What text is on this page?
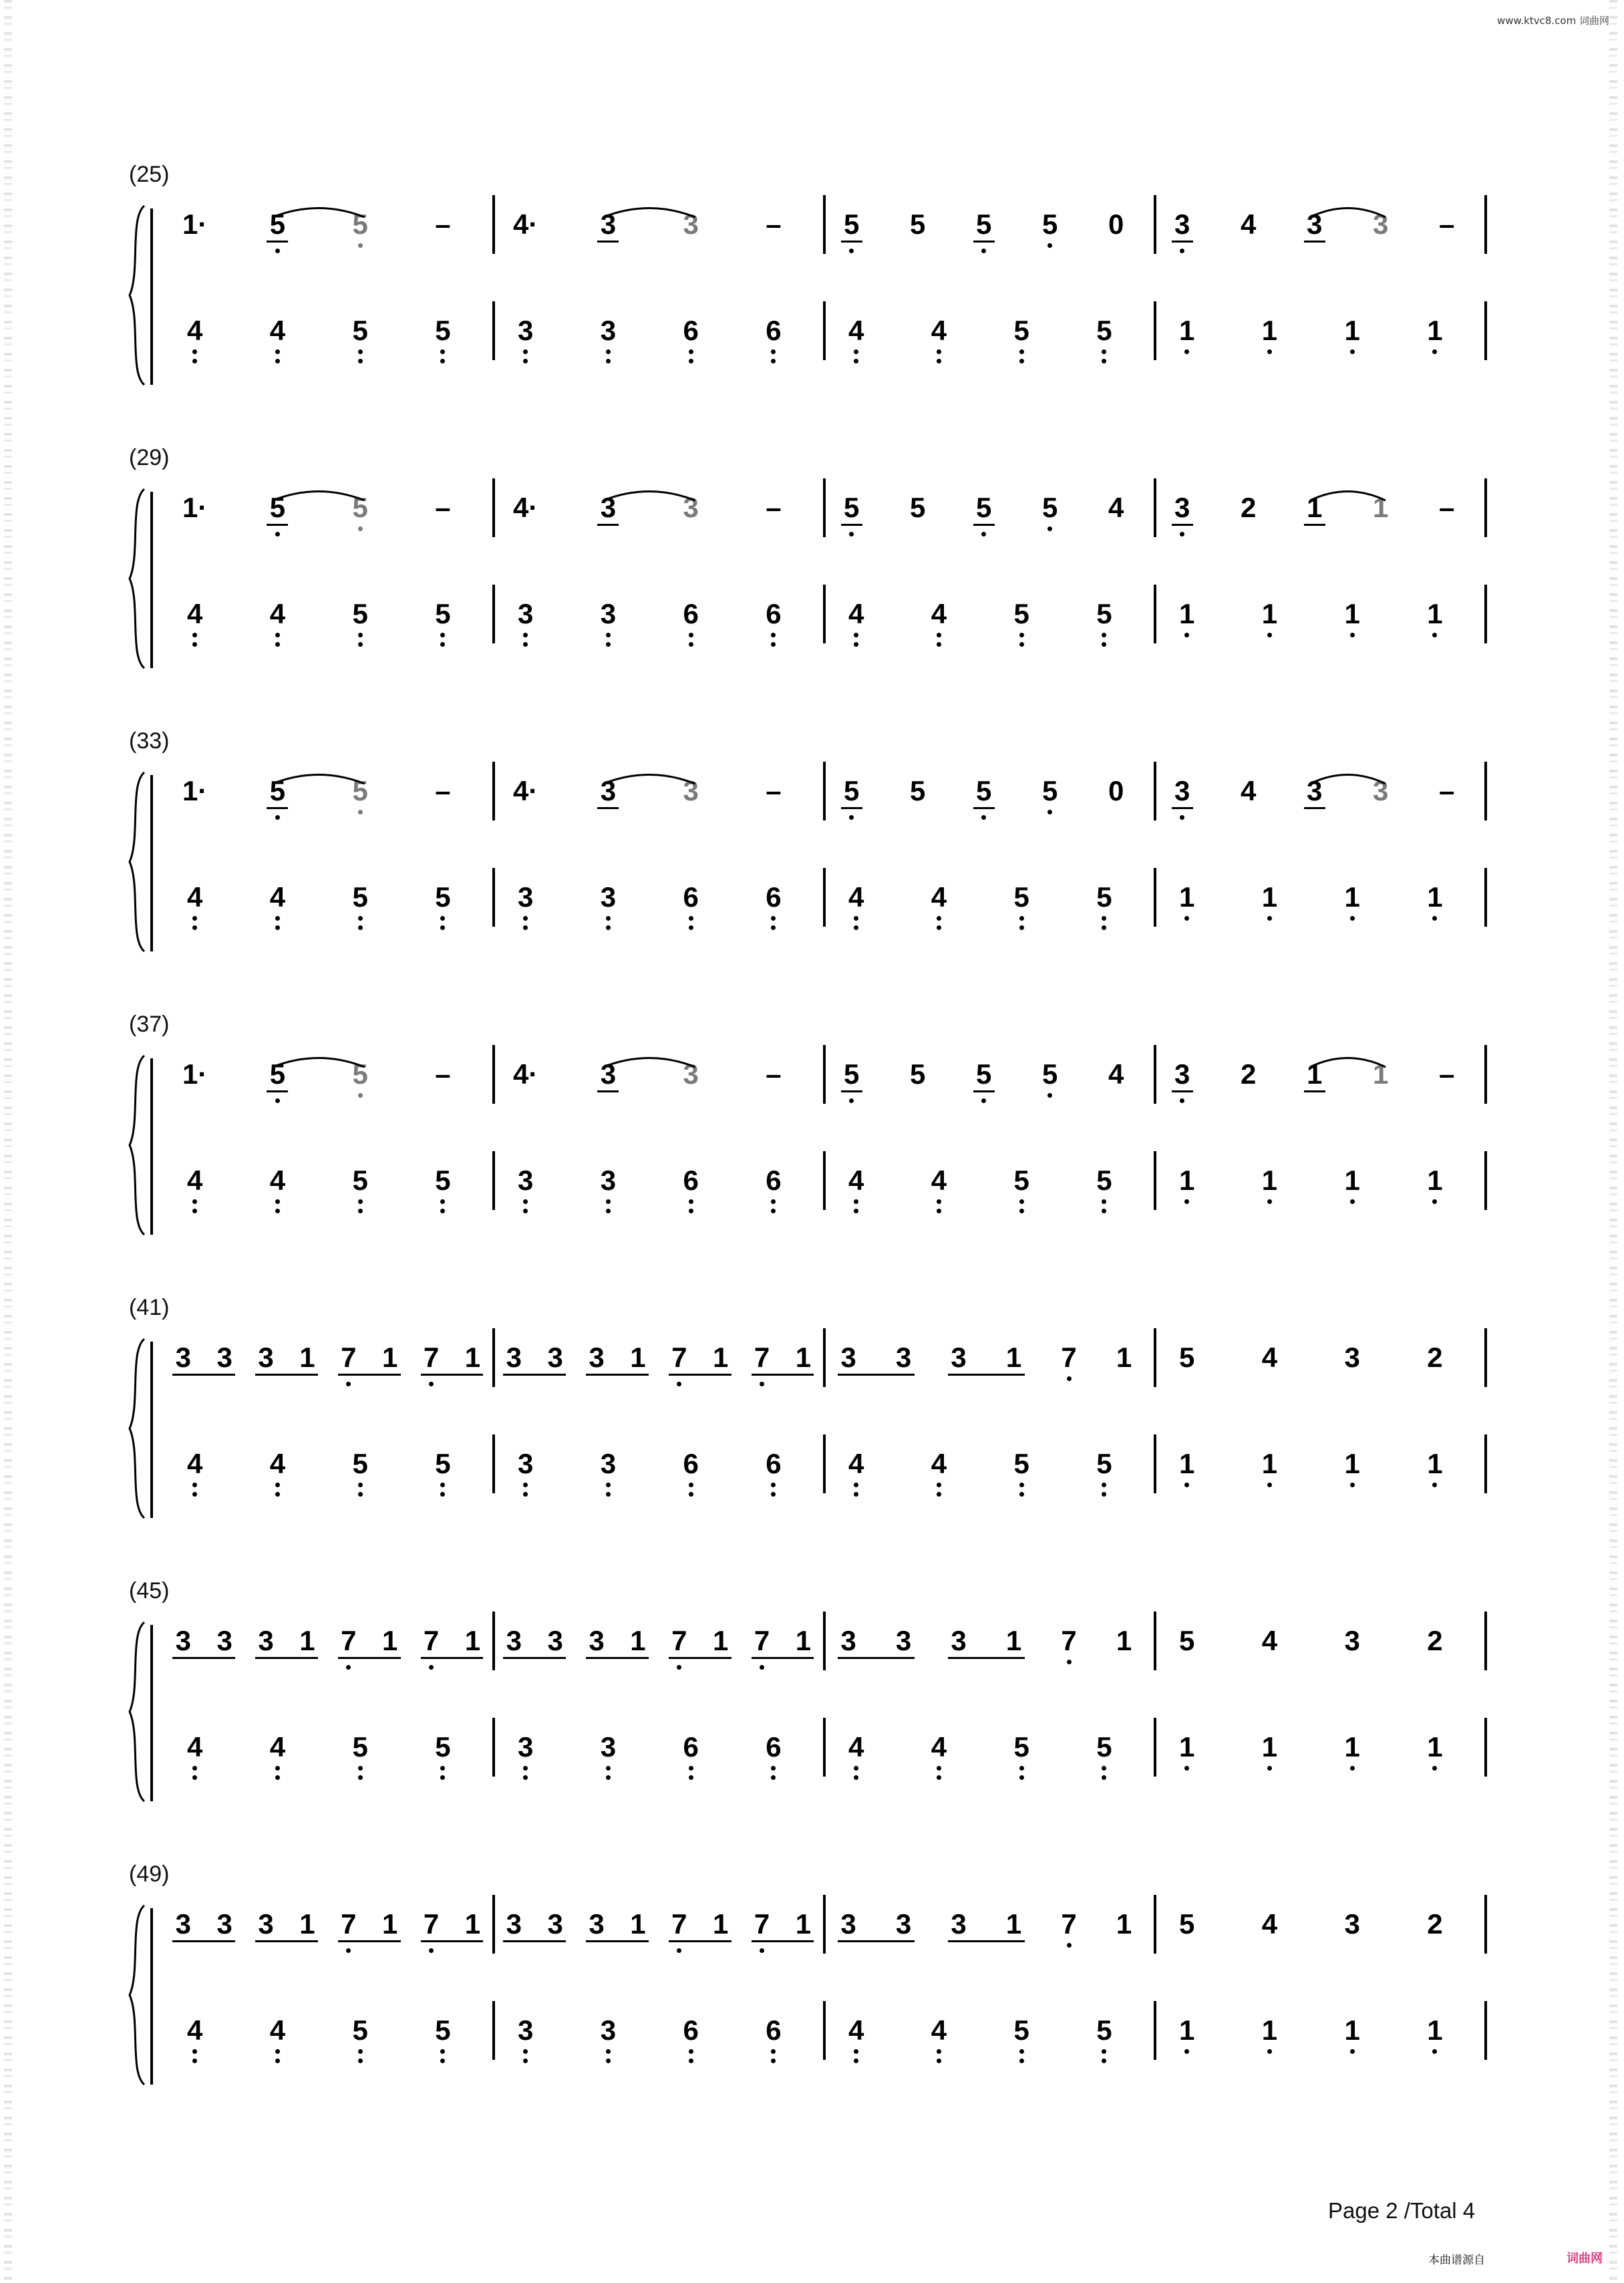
www.ktvc8.com 词曲网
(25)
1· 5 5 – 4· 3 3 – 5 5 5 5 0 3 4 3 3 –
4 4 5 5 3 3 6 6 4 4 5 5 1 1 1 1
(29)
1· 5 5 – 4· 3 3 – 5 5 5 5 4 3 2 1 1 –
4 4 5 5 3 3 6 6 4 4 5 5 1 1 1 1
(33)
1· 5 5 – 4· 3 3 – 5 5 5 5 0 3 4 3 3 –
4 4 5 5 3 3 6 6 4 4 5 5 1 1 1 1
(37)
1· 5 5 – 4· 3 3 – 5 5 5 5 4 3 2 1 1 –
4 4 5 5 3 3 6 6 4 4 5 5 1 1 1 1
(41)
3 3 3 1 7 1 7 1 3 3 3 1 7 1 7 1 3 3 3 1 7 1 5 4 3 2
4 4 5 5 3 3 6 6 4 4 5 5 1 1 1 1
(45)
3 3 3 1 7 1 7 1 3 3 3 1 7 1 7 1 3 3 3 1 7 1 5 4 3 2
4 4 5 5 3 3 6 6 4 4 5 5 1 1 1 1
(49)
3 3 3 1 7 1 7 1 3 3 3 1 7 1 7 1 3 3 3 1 7 1 5 4 3 2
4 4 5 5 3 3 6 6 4 4 5 5 1 1 1 1
Page 2 /Total 4
本曲谱源自	词曲网
